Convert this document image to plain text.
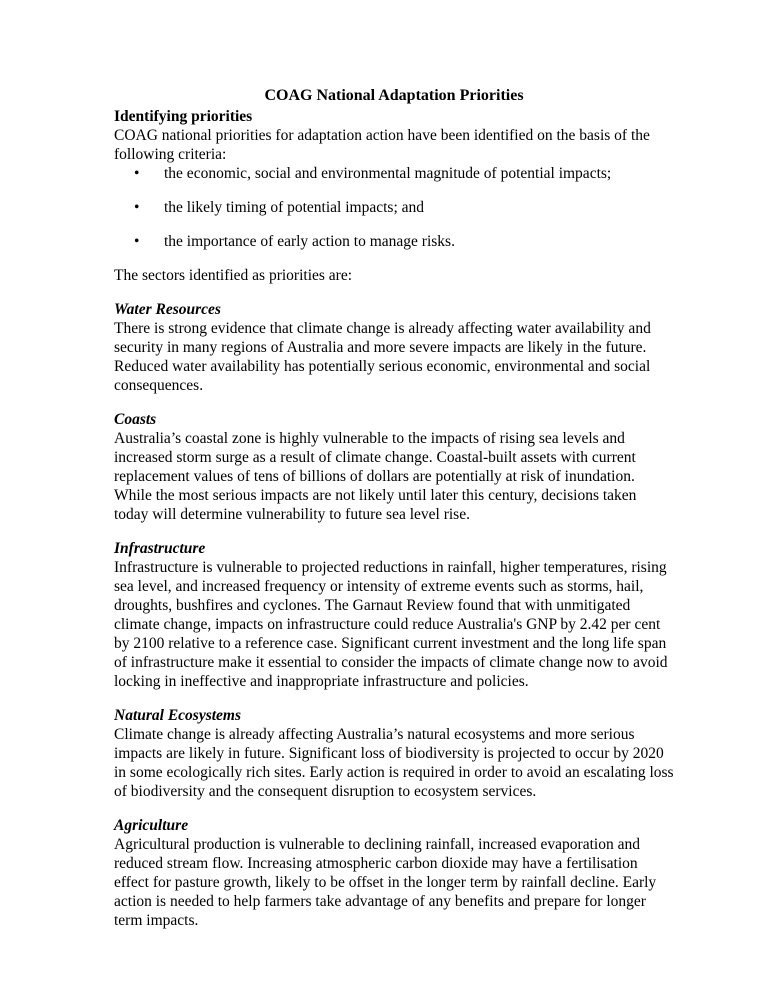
COAG National Adaptation Priorities
Identifying priorities

COAG national priorities for adaptation action have been identified on the basis of the following criteria:

• the economic, social and environmental magnitude of potential impacts;
• the likely timing of potential impacts; and
• the importance of early action to manage risks.

The sectors identified as priorities are:

Water Resources

There is strong evidence that climate change is already affecting water availability and security in many regions of Australia and more severe impacts are likely in the future. Reduced water availability has potentially serious economic, environmental and social consequences.

Coasts

Australia’s coastal zone is highly vulnerable to the impacts of rising sea levels and increased storm surge as a result of climate change. Coastal-built assets with current replacement values of tens of billions of dollars are potentially at risk of inundation. While the most serious impacts are not likely until later this century, decisions taken today will determine vulnerability to future sea level rise.

Infrastructure

Infrastructure is vulnerable to projected reductions in rainfall, higher temperatures, rising sea level, and increased frequency or intensity of extreme events such as storms, hail, droughts, bushfires and cyclones. The Garnaut Review found that with unmitigated climate change, impacts on infrastructure could reduce Australia's GNP by 2.42 per cent by 2100 relative to a reference case. Significant current investment and the long life span of infrastructure make it essential to consider the impacts of climate change now to avoid locking in ineffective and inappropriate infrastructure and policies.

Natural Ecosystems

Climate change is already affecting Australia’s natural ecosystems and more serious impacts are likely in future. Significant loss of biodiversity is projected to occur by 2020 in some ecologically rich sites. Early action is required in order to avoid an escalating loss of biodiversity and the consequent disruption to ecosystem services.

Agriculture

Agricultural production is vulnerable to declining rainfall, increased evaporation and reduced stream flow. Increasing atmospheric carbon dioxide may have a fertilisation effect for pasture growth, likely to be offset in the longer term by rainfall decline. Early action is needed to help farmers take advantage of any benefits and prepare for longer term impacts.
